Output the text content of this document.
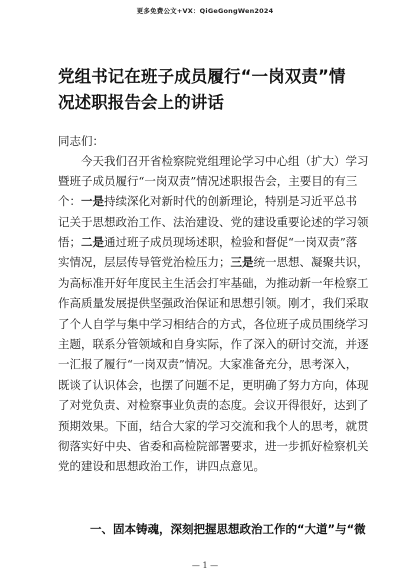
更多免费公文+VX：QiGeGongWen2024
党组书记在班子成员履行“一岗双责”情
况述职报告会上的讲话
同志们：
今天我们召开省检察院党组理论学习中心组（扩大）学习
暨班子成员履行“一岗双责”情况述职报告会，主要目的有三
个：一是持续深化对新时代的创新理论，特别是习近平总书
记关于思想政治工作、法治建设、党的建设重要论述的学习领
悟；二是通过班子成员现场述职，检验和督促“一岗双责”落
实情况，层层传导管党治检压力；三是统一思想、凝聚共识，
为高标准开好年度民主生活会打牢基础，为推动新一年检察工
作高质量发展提供坚强政治保证和思想引领。刚才，我们采取
了个人自学与集中学习相结合的方式，各位班子成员围绕学习
主题，联系分管领域和自身实际，作了深入的研讨交流，并逐
一汇报了履行“一岗双责”情况。大家准备充分，思考深入，
既谈了认识体会，也摆了问题不足，更明确了努力方向，体现
了对党负责、对检察事业负责的态度。会议开得很好，达到了
预期效果。下面，结合大家的学习交流和我个人的思考，就贯
彻落实好中央、省委和高检院部署要求，进一步抓好检察机关
党的建设和思想政治工作，讲四点意见。
一、固本铸魂，深刻把握思想政治工作的“大道”与“微
— 1 —
